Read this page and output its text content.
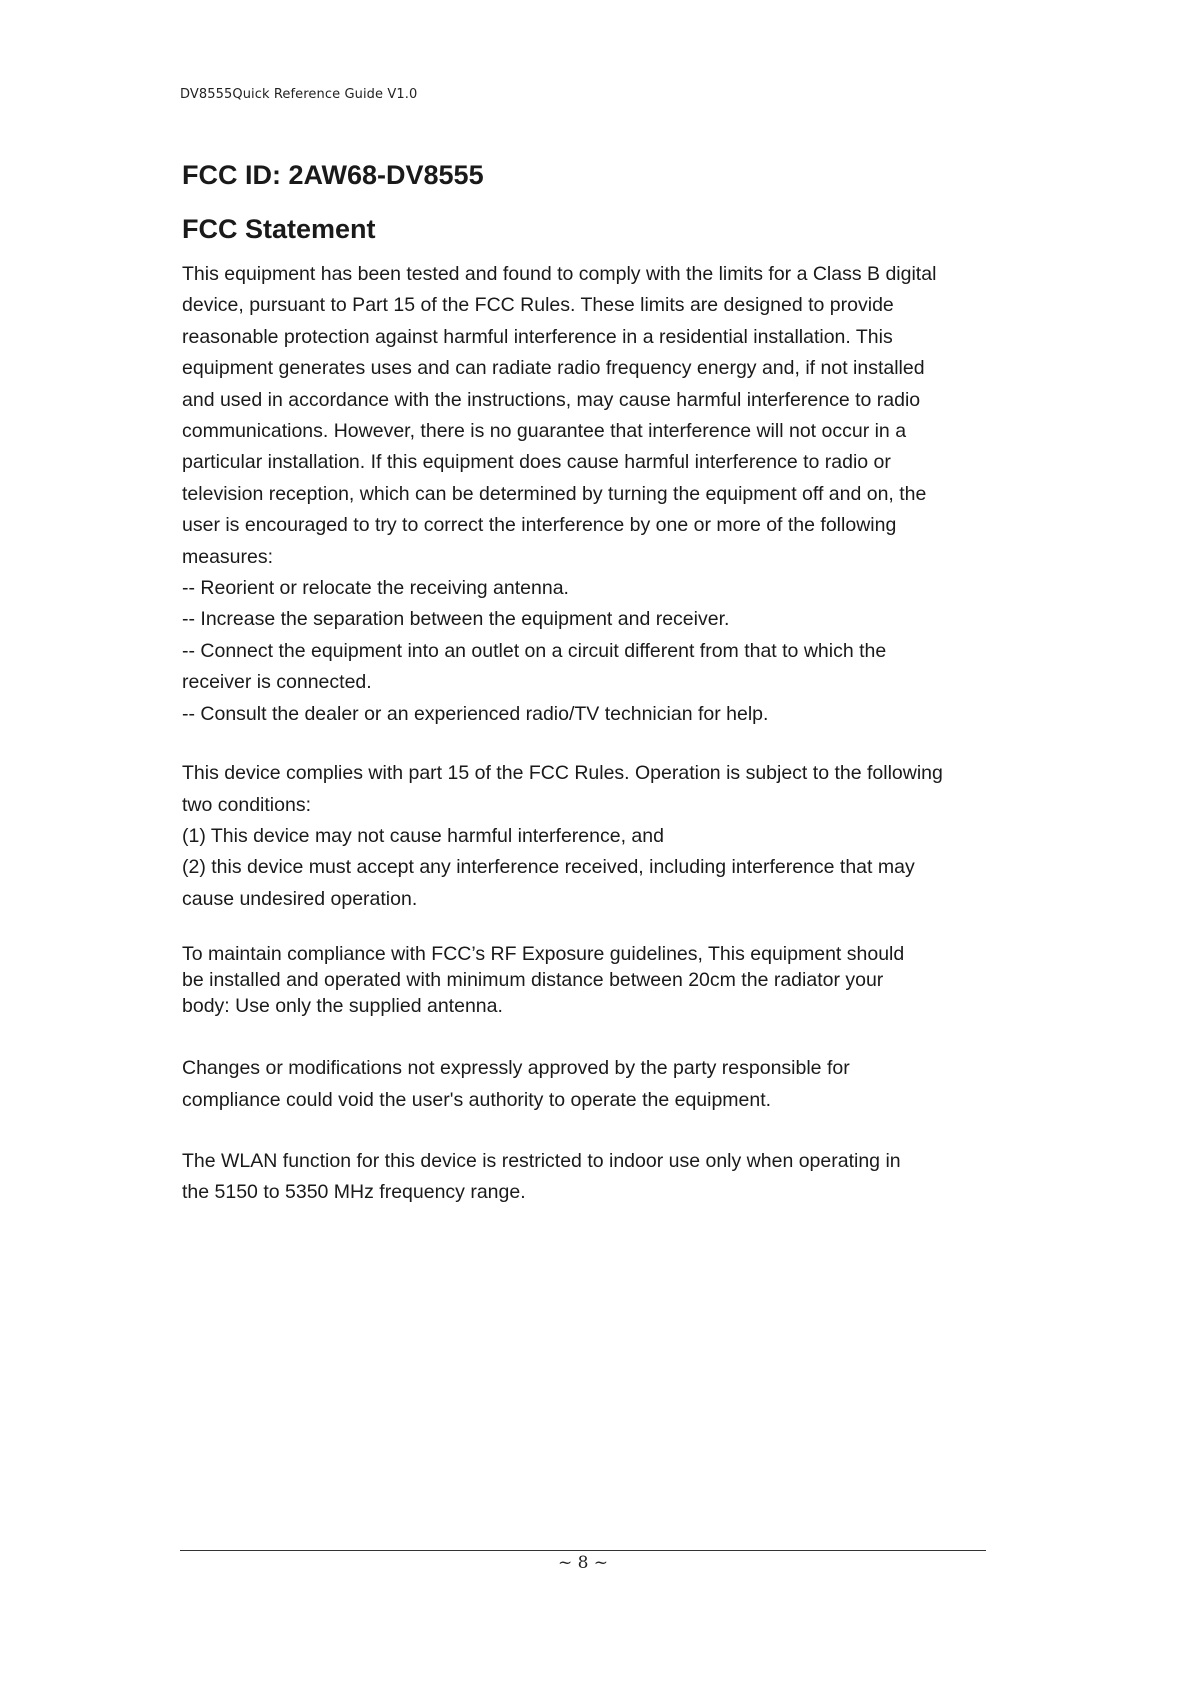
DV8555Quick Reference Guide V1.0
FCC ID: 2AW68-DV8555
FCC Statement

This equipment has been tested and found to comply with the limits for a Class B digital

device, pursuant to Part 15 of the FCC Rules. These limits are designed to provide

reasonable protection against harmful interference in a residential installation. This

equipment generates uses and can radiate radio frequency energy and, if not installed

and used in accordance with the instructions, may cause harmful interference to radio

communications. However, there is no guarantee that interference will not occur in a

particular installation. If this equipment does cause harmful interference to radio or

television reception, which can be determined by turning the equipment off and on, the

user is encouraged to try to correct the interference by one or more of the following

measures:

-- Reorient or relocate the receiving antenna.

-- Increase the separation between the equipment and receiver.

-- Connect the equipment into an outlet on a circuit different from that to which the

receiver is connected.

-- Consult the dealer or an experienced radio/TV technician for help.

This device complies with part 15 of the FCC Rules. Operation is subject to the following

two conditions:

(1) This device may not cause harmful interference, and

(2) this device must accept any interference received, including interference that may

cause undesired operation.

To maintain compliance with FCC’s RF Exposure guidelines, This equipment should

be installed and operated with minimum distance between 20cm the radiator your

body: Use only the supplied antenna.

Changes or modifications not expressly approved by the party responsible for

compliance could void the user's authority to operate the equipment.

The WLAN function for this device is restricted to indoor use only when operating in

the 5150 to 5350 MHz frequency range.

~ 8 ~
